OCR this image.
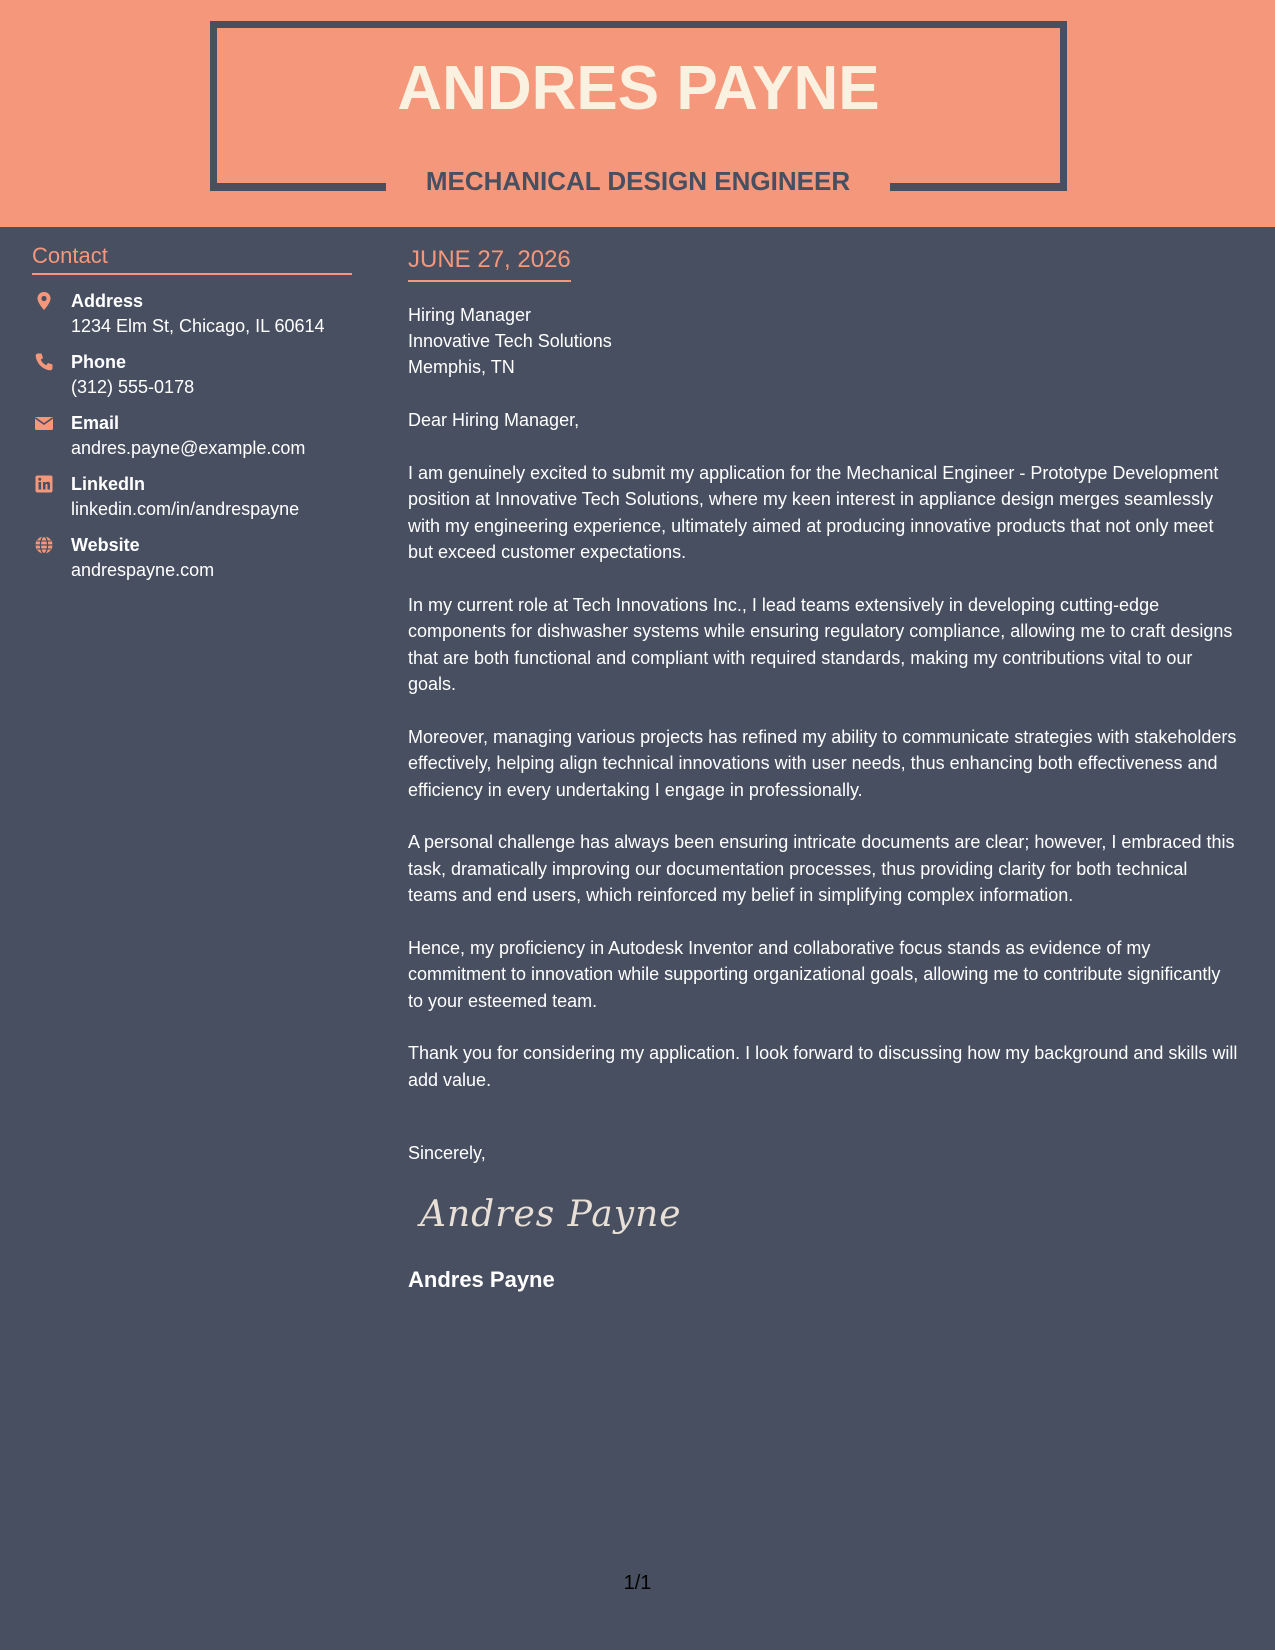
ANDRES PAYNE
MECHANICAL DESIGN ENGINEER
Contact
Address
1234 Elm St, Chicago, IL 60614
Phone
(312) 555-0178
Email
andres.payne@example.com
LinkedIn
linkedin.com/in/andrespayne
Website
andrespayne.com
JUNE 27, 2026
Hiring Manager
Innovative Tech Solutions
Memphis, TN

Dear Hiring Manager,

I am genuinely excited to submit my application for the Mechanical Engineer - Prototype Development position at Innovative Tech Solutions, where my keen interest in appliance design merges seamlessly with my engineering experience, ultimately aimed at producing innovative products that not only meet but exceed customer expectations.

In my current role at Tech Innovations Inc., I lead teams extensively in developing cutting-edge components for dishwasher systems while ensuring regulatory compliance, allowing me to craft designs that are both functional and compliant with required standards, making my contributions vital to our goals.

Moreover, managing various projects has refined my ability to communicate strategies with stakeholders effectively, helping align technical innovations with user needs, thus enhancing both effectiveness and efficiency in every undertaking I engage in professionally.

A personal challenge has always been ensuring intricate documents are clear; however, I embraced this task, dramatically improving our documentation processes, thus providing clarity for both technical teams and end users, which reinforced my belief in simplifying complex information.

Hence, my proficiency in Autodesk Inventor and collaborative focus stands as evidence of my commitment to innovation while supporting organizational goals, allowing me to contribute significantly to your esteemed team.

Thank you for considering my application. I look forward to discussing how my background and skills will add value.

Sincerely,
Andres Payne
Andres Payne
1/1
